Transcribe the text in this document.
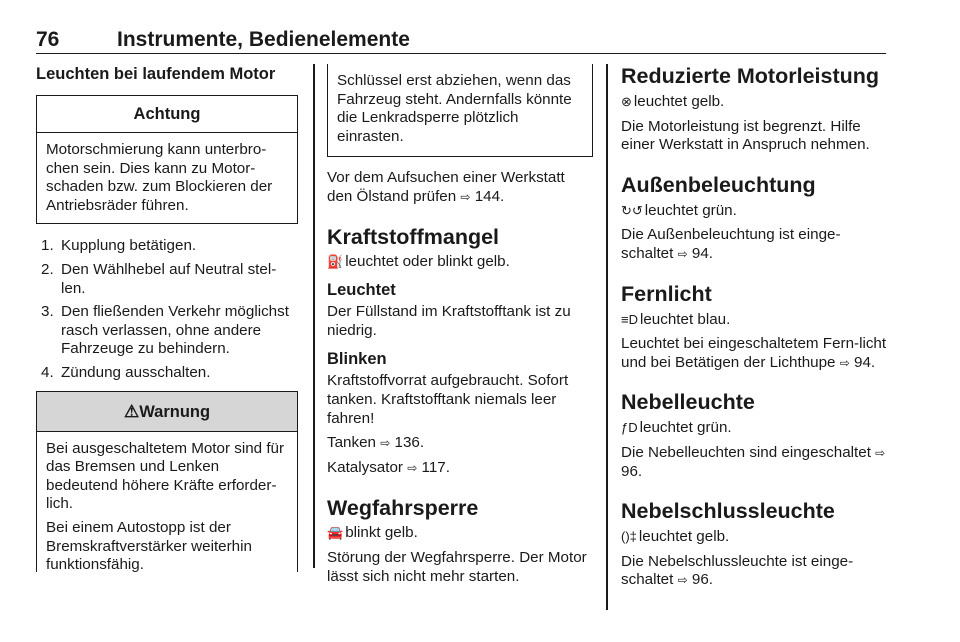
76	Instrumente, Bedienelemente
Leuchten bei laufendem Motor
Achtung
Motorschmierung kann unterbro-chen sein. Dies kann zu Motor-schaden bzw. zum Blockieren der Antriebsräder führen.
1. Kupplung betätigen.
2. Den Wählhebel auf Neutral stel-len.
3. Den fließenden Verkehr möglichst rasch verlassen, ohne andere Fahrzeuge zu behindern.
4. Zündung ausschalten.
⚠Warnung
Bei ausgeschaltetem Motor sind für das Bremsen und Lenken bedeutend höhere Kräfte erforder-lich.
Bei einem Autostopp ist der Bremskraftverstärker weiterhin funktionsfähig.
Schlüssel erst abziehen, wenn das Fahrzeug steht. Andernfalls könnte die Lenkradsperre plötzlich einrasten.
Vor dem Aufsuchen einer Werkstatt den Ölstand prüfen ⇨ 144.
Kraftstoffmangel
⛽ leuchtet oder blinkt gelb.
Leuchtet
Der Füllstand im Kraftstofftank ist zu niedrig.
Blinken
Kraftstoffvorrat aufgebraucht. Sofort tanken. Kraftstofftank niemals leer fahren!
Tanken ⇨ 136.
Katalysator ⇨ 117.
Wegfahrsperre
🚘 blinkt gelb.
Störung der Wegfahrsperre. Der Motor lässt sich nicht mehr starten.
Reduzierte Motorleistung
⊗ leuchtet gelb.
Die Motorleistung ist begrenzt. Hilfe einer Werkstatt in Anspruch nehmen.
Außenbeleuchtung
↻↺ leuchtet grün.
Die Außenbeleuchtung ist einge-schaltet ⇨ 94.
Fernlicht
≡D leuchtet blau.
Leuchtet bei eingeschaltetem Fern-licht und bei Betätigen der Lichthupe ⇨ 94.
Nebelleuchte
ƒD leuchtet grün.
Die Nebelleuchten sind eingeschaltet ⇨ 96.
Nebelschlussleuchte
()‡ leuchtet gelb.
Die Nebelschlussleuchte ist einge-schaltet ⇨ 96.
